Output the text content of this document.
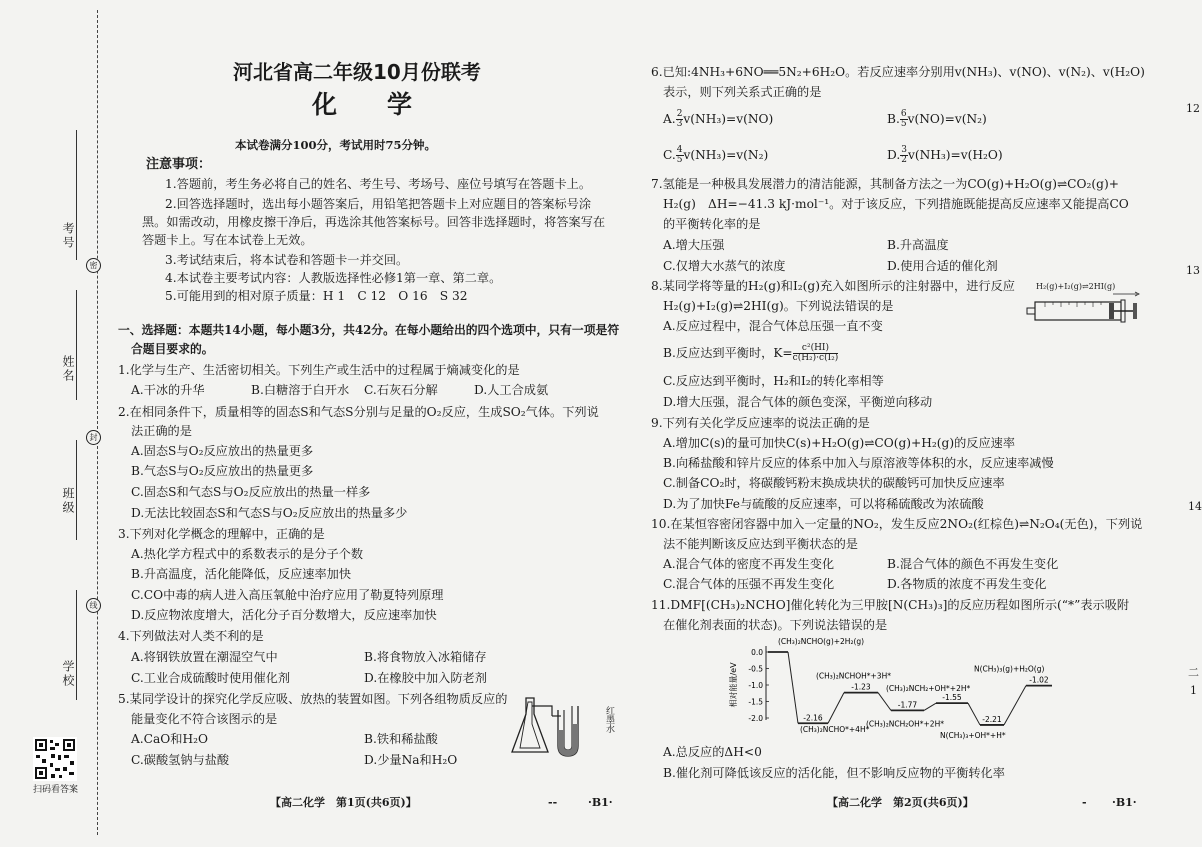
考号
姓名
班级
学校
密
封
线
扫码看答案
河北省高二年级10月份联考
化　　学
本试卷满分100分，考试用时75分钟。
注意事项：
1.答题前，考生务必将自己的姓名、考生号、考场号、座位号填写在答题卡上。
2.回答选择题时，选出每小题答案后，用铅笔把答题卡上对应题目的答案标号涂
黑。如需改动，用橡皮擦干净后，再选涂其他答案标号。回答非选择题时，将答案写在
答题卡上。写在本试卷上无效。
3.考试结束后，将本试卷和答题卡一并交回。
4.本试卷主要考试内容：人教版选择性必修1第一章、第二章。
5.可能用到的相对原子质量：H 1　C 12　O 16　S 32
一、选择题：本题共14小题，每小题3分，共42分。在每小题给出的四个选项中，只有一项是符
合题目要求的。
1.化学与生产、生活密切相关。下列生产或生活中的过程属于熵减变化的是
A.干冰的升华	B.白糖溶于白开水 C.石灰石分解	D.人工合成氨
2.在相同条件下，质量相等的固态S和气态S分别与足量的O₂反应，生成SO₂气体。下列说
法正确的是
A.固态S与O₂反应放出的热量更多
B.气态S与O₂反应放出的热量更多
C.固态S和气态S与O₂反应放出的热量一样多
D.无法比较固态S和气态S与O₂反应放出的热量多少
3.下列对化学概念的理解中，正确的是
A.热化学方程式中的系数表示的是分子个数
B.升高温度，活化能降低，反应速率加快
C.CO中毒的病人进入高压氧舱中治疗应用了勒夏特列原理
D.反应物浓度增大，活化分子百分数增大，反应速率加快
4.下列做法对人类不利的是
A.将钢铁放置在潮湿空气中	B.将食物放入冰箱储存
C.工业合成硫酸时使用催化剂	D.在橡胶中加入防老剂
5.某同学设计的探究化学反应吸、放热的装置如图。下列各组物质反应的
能量变化不符合该图示的是
A.CaO和H₂O	B.铁和稀盐酸
C.碳酸氢钠与盐酸	D.少量Na和H₂O
红墨水
【高二化学　第1页(共6页)】	‐‐	·B1·
6.已知:4NH₃+6NO══5N₂+6H₂O。若反应速率分别用v(NH₃)、v(NO)、v(N₂)、v(H₂O)
表示，则下列关系式正确的是
A. $\frac{2}{3} v(NH_3)=v(NO)$	B. $\frac{6}{5} v(NO)=v(N_2)$
C. $\frac{4}{5} v(NH_3)=v(N_2)$	D. $\frac{3}{2} v(NH_3)=v(H_2O)$
7.氢能是一种极具发展潜力的清洁能源，其制备方法之一为CO(g)+H₂O(g)⇌CO₂(g)+
H₂(g)　ΔH=−41.3 kJ·mol⁻¹。对于该反应，下列措施既能提高反应速率又能提高CO
的平衡转化率的是
A.增大压强	B.升高温度
C.仅增大水蒸气的浓度	D.使用合适的催化剂
8.某同学将等量的H₂(g)和I₂(g)充入如图所示的注射器中，进行反应
H₂(g)+I₂(g)⇌2HI(g)。下列说法错误的是
A.反应过程中，混合气体总压强一直不变
B.反应达到平衡时，$K= \frac{\text{c²(HI)}}{\text{c(H₂)·c(I₂)}}$
C.反应达到平衡时，H₂和I₂的转化率相等
D.增大压强，混合气体的颜色变深，平衡逆向移动
H₂(g)+I₂(g)⇌2HI(g)
9.下列有关化学反应速率的说法正确的是
A.增加C(s)的量可加快C(s)+H₂O(g)⇌CO(g)+H₂(g)的反应速率
B.向稀盐酸和锌片反应的体系中加入与原溶液等体积的水，反应速率减慢
C.制备CO₂时，将碳酸钙粉末换成块状的碳酸钙可加快反应速率
D.为了加快Fe与硫酸的反应速率，可以将稀硫酸改为浓硫酸
10.在某恒容密闭容器中加入一定量的NO₂，发生反应2NO₂(红棕色)⇌N₂O₄(无色)，下列说
法不能判断该反应达到平衡状态的是
A.混合气体的密度不再发生变化	B.混合气体的颜色不再发生变化
C.混合气体的压强不再发生变化	D.各物质的浓度不再发生变化
11.DMF[(CH₃)₂NCHO]催化转化为三甲胺[N(CH₃)₃]的反应历程如图所示(“*”表示吸附
在催化剂表面的状态)。下列说法错误的是
相对能量/eV
0.0
-0.5
-1.0
-1.5
-2.0	-2.16
-1.23
-1.77
-1.55
-2.21
-1.02
(CH₃)₂NCHO(g)+2H₂(g)
(CH₃)₂NCHO*+4H*
(CH₃)₂NCHOH*+3H*
(CH₃)₂NCH₂OH*+2H*
(CH₃)₂NCH₂+OH*+2H*
N(CH₃)₃+OH*+H*
N(CH₃)₃(g)+H₂O(g)
A.总反应的ΔH<0
B.催化剂可降低该反应的活化能，但不影响反应物的平衡转化率
【高二化学　第2页(共6页)】	‐ ·B1·
12
13
14
二
1
